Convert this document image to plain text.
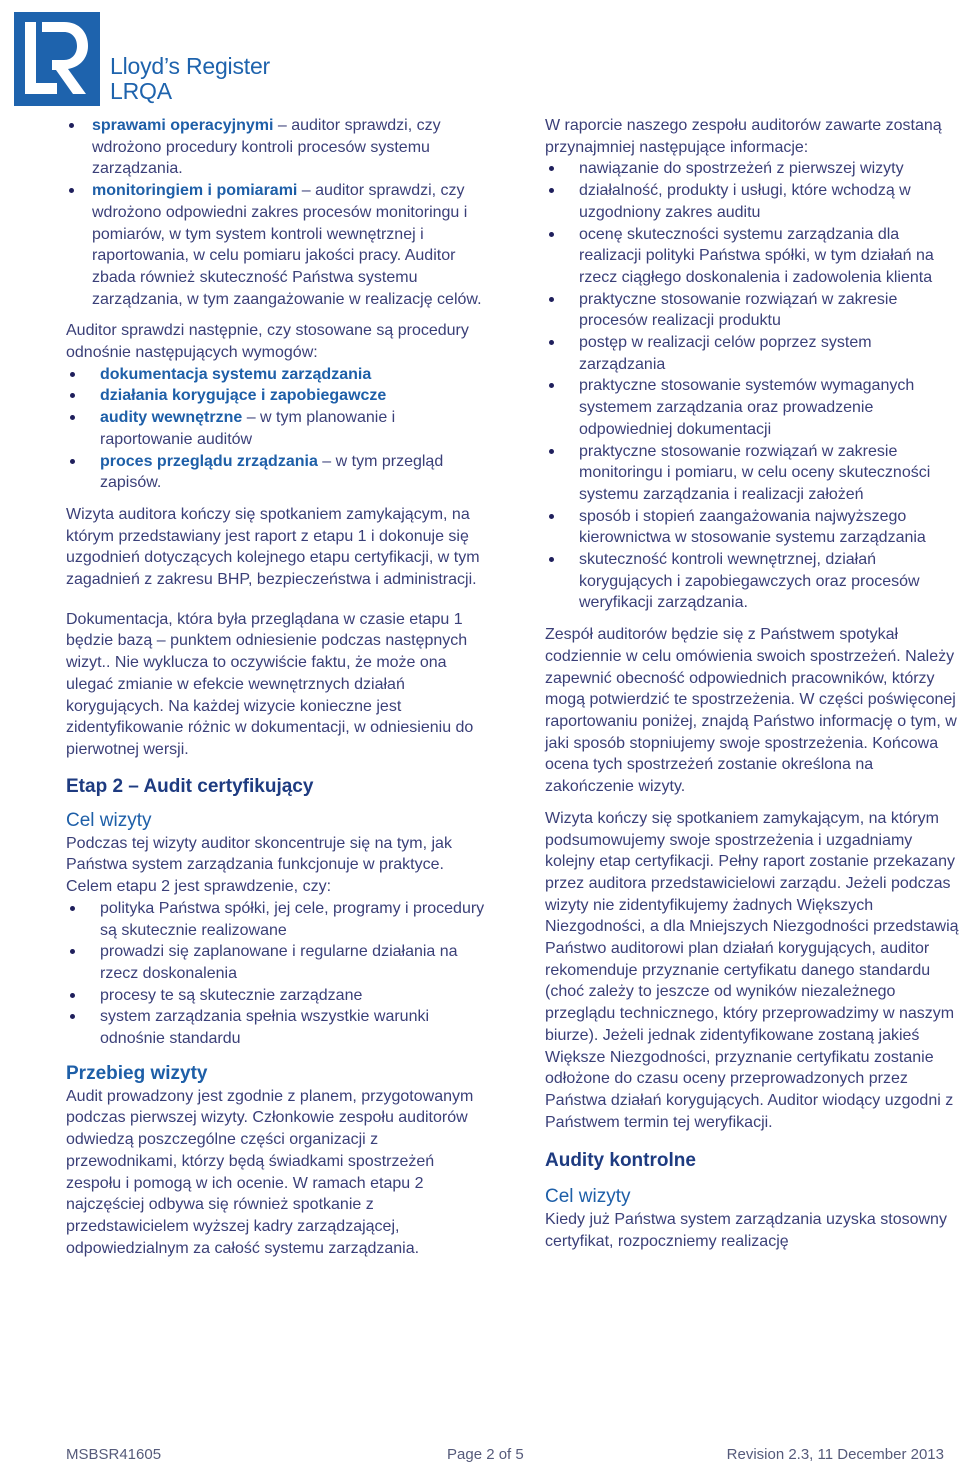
Lloyd’s Register
LRQA
sprawami operacyjnymi – auditor sprawdzi, czy wdrożono procedury kontroli procesów systemu zarządzania.
monitoringiem i pomiarami – auditor sprawdzi, czy wdrożono odpowiedni zakres procesów monitoringu i pomiarów, w tym system kontroli wewnętrznej i raportowania, w celu pomiaru jakości pracy. Auditor zbada również skuteczność Państwa systemu zarządzania, w tym zaangażowanie w realizację celów.

Auditor sprawdzi następnie, czy stosowane są procedury odnośnie następujących wymogów:

dokumentacja systemu zarządzania
działania korygujące i zapobiegawcze
audity wewnętrzne – w tym planowanie i raportowanie auditów
proces przeglądu zrządzania – w tym przegląd zapisów.

Wizyta auditora kończy się spotkaniem zamykającym, na którym przedstawiany jest raport z etapu 1 i dokonuje się uzgodnień dotyczących kolejnego etapu certyfikacji, w tym zagadnień z zakresu BHP, bezpieczeństwa i administracji.

Dokumentacja, która była przeglądana w czasie etapu 1 będzie bazą – punktem odniesienie podczas następnych wizyt.. Nie wyklucza to oczywiście faktu, że może ona ulegać zmianie w efekcie wewnętrznych działań korygujących. Na każdej wizycie konieczne jest zidentyfikowanie różnic w dokumentacji, w odniesieniu do pierwotnej wersji.

Etap 2 – Audit certyfikujący
Cel wizyty

Podczas tej wizyty auditor skoncentruje się na tym, jak Państwa system zarządzania funkcjonuje w praktyce. Celem etapu 2 jest sprawdzenie, czy:

polityka Państwa spółki, jej cele, programy i procedury są skutecznie realizowane
prowadzi się zaplanowane i regularne działania na rzecz doskonalenia
procesy te są skutecznie zarządzane
system zarządzania spełnia wszystkie warunki odnośnie standardu
Przebieg wizyty

Audit prowadzony jest zgodnie z planem, przygotowanym podczas pierwszej wizyty. Członkowie zespołu auditorów odwiedzą poszczególne części organizacji z przewodnikami, którzy będą świadkami spostrzeżeń zespołu i pomogą w ich ocenie. W ramach etapu 2 najczęściej odbywa się również spotkanie z przedstawicielem wyższej kadry zarządzającej, odpowiedzialnym za całość systemu zarządzania.

W raporcie naszego zespołu auditorów zawarte zostaną przynajmniej następujące informacje:

nawiązanie do spostrzeżeń z pierwszej wizyty
działalność, produkty i usługi, które wchodzą w uzgodniony zakres auditu
ocenę skuteczności systemu zarządzania dla realizacji polityki Państwa spółki, w tym działań na rzecz ciągłego doskonalenia i zadowolenia klienta
praktyczne stosowanie rozwiązań w zakresie procesów realizacji produktu
postęp w realizacji celów poprzez system zarządzania
praktyczne stosowanie systemów wymaganych systemem zarządzania oraz prowadzenie odpowiedniej dokumentacji
praktyczne stosowanie rozwiązań w zakresie monitoringu i pomiaru, w celu oceny skuteczności systemu zarządzania i realizacji założeń
sposób i stopień zaangażowania najwyższego kierownictwa w stosowanie systemu zarządzania
skuteczność kontroli wewnętrznej, działań korygujących i zapobiegawczych oraz procesów weryfikacji zarządzania.

Zespół auditorów będzie się z Państwem spotykał codziennie w celu omówienia swoich spostrzeżeń. Należy zapewnić obecność odpowiednich pracowników, którzy mogą potwierdzić te spostrzeżenia. W części poświęconej raportowaniu poniżej, znajdą Państwo informację o tym, w jaki sposób stopniujemy swoje spostrzeżenia. Końcowa ocena tych spostrzeżeń zostanie określona na zakończenie wizyty.

Wizyta kończy się spotkaniem zamykającym, na którym podsumowujemy swoje spostrzeżenia i uzgadniamy kolejny etap certyfikacji. Pełny raport zostanie przekazany przez auditora przedstawicielowi zarządu. Jeżeli podczas wizyty nie zidentyfikujemy żadnych Większych Niezgodności, a dla Mniejszych Niezgodności przedstawią Państwo auditorowi plan działań korygujących, auditor rekomenduje przyznanie certyfikatu danego standardu (choć zależy to jeszcze od wyników niezależnego przeglądu technicznego, który przeprowadzimy w naszym biurze). Jeżeli jednak zidentyfikowane zostaną jakieś Większe Niezgodności, przyznanie certyfikatu zostanie odłożone do czasu oceny przeprowadzonych przez Państwa działań korygujących. Auditor wiodący uzgodni z Państwem termin tej weryfikacji.

Audity kontrolne
Cel wizyty

Kiedy już Państwa system zarządzania uzyska stosowny certyfikat, rozpoczniemy realizację

MSBSR41605	Page 2 of 5	Revision 2.3, 11 December 2013
